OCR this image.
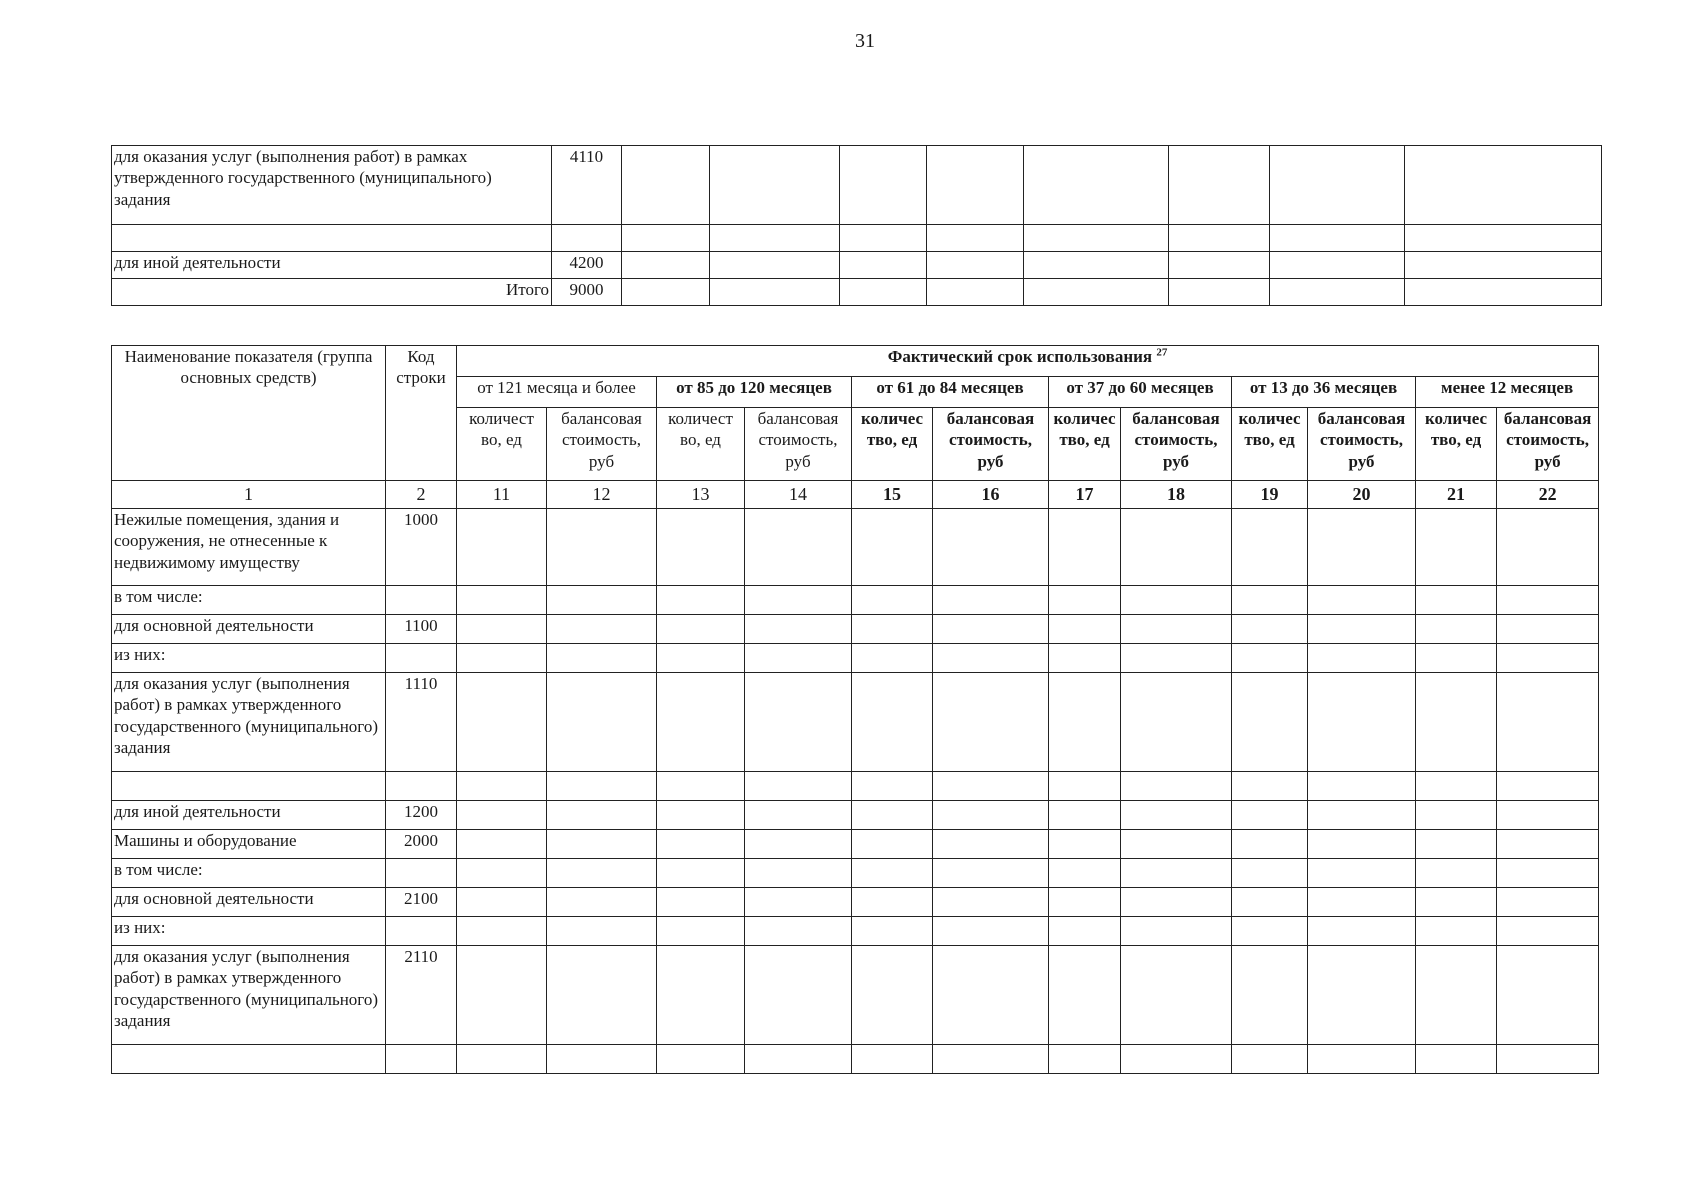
31
для оказания услуг (выполнения работ) в рамках утвержденного государственного (муниципального) задания	4110								

для иной деятельности	4200								
Итого	9000								
Наименование показателя (группа основных средств)	Код строки	Фактический срок использования $^{27}$
		от 121 месяца и более		от 85 до 120 месяцев		от 61 до 84 месяцев		от 37 до 60 месяцев		от 13 до 36 месяцев		менее 12 месяцев	
		количест во, ед	балансовая стоимость, руб	количест во, ед	балансовая стоимость, руб	количес тво, ед	балансовая стоимость, руб	количес тво, ед	балансовая стоимость, руб	количес тво, ед	балансовая стоимость, руб	количес тво, ед	балансовая стоимость, руб
1	2	11	12	13	14	15	16	17	18	19	20	21	22
Нежилые помещения, здания и сооружения, не отнесенные к недвижимому имуществу	1000												
в том числе:													
для основной деятельности	1100												
из них:													
для оказания услуг (выполнения работ) в рамках утвержденного государственного (муниципального) задания	1110												

для иной деятельности	1200												
Машины и оборудование	2000												
в том числе:													
для основной деятельности	2100												
из них:													
для оказания услуг (выполнения работ) в рамках утвержденного государственного (муниципального) задания	2110												
